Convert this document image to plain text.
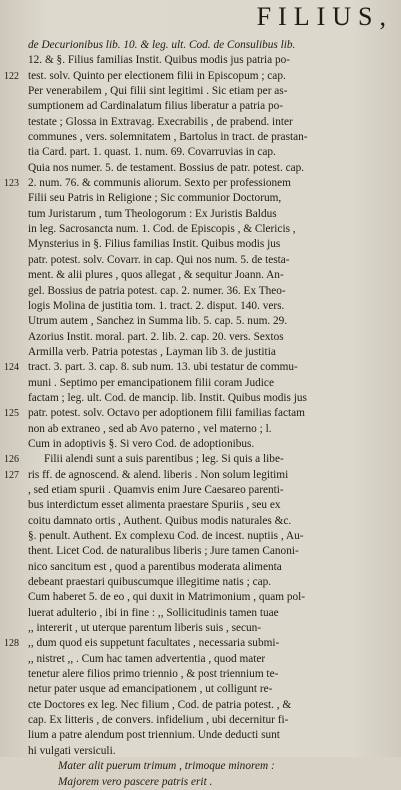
FILIUS,
de Decurionibus lib. 10. & leg. ult. Cod. de Consulibus lib.
12. & §. Filius familias Instit. Quibus modis jus patria po-
122 test. solv. Quinto per electionem filii in Episcopum ; cap.
Per venerabilem , Qui filii sint legitimi . Sic etiam per as-
sumptionem ad Cardinalatum filius liberatur a patria po-
testate ; Glossa in Extravag. Execrabilis , de prabend. inter
communes , vers. solemnitatem , Bartolus in tract. de prastan-
tia Card. part. 1. quast. 1. num. 69. Covarruvias in cap.
Quia nos numer. 5. de testament. Bossius de patr. potest. cap.
123 2. num. 76. & communis aliorum. Sexto per professionem
Filii seu Patris in Religione ; Sic communior Doctorum,
tum Juristarum , tum Theologorum : Ex Juristis Baldus
in leg. Sacrosancta num. 1. Cod. de Episcopis , & Clericis ,
Mynsterius in §. Filius familias Instit. Quibus modis jus
patr. potest. solv. Covarr. in cap. Qui nos num. 5. de testa-
ment. & alii plures , quos allegat , & sequitur Joann. An-
gel. Bossius de patria potest. cap. 2. numer. 36. Ex Theo-
logis Molina de justitia tom. 1. tract. 2. disput. 140. vers.
Utrum autem , Sanchez in Summa lib. 5. cap. 5. num. 29.
Azorius Instit. moral. part. 2. lib. 2. cap. 20. vers. Sextos
Armilla verb. Patria potestas , Layman lib 3. de justitia
124 tract. 3. part. 3. cap. 8. sub num. 13. ubi testatur de commu-
muni . Septimo per emancipationem filii coram Judice
factam ; leg. ult. Cod. de mancip. lib. Instit. Quibus modis jus
125 patr. potest. solv. Octavo per adoptionem filii familias factam
non ab extraneo , sed ab Avo paterno , vel materno ; l.
Cum in adoptivis §. Si vero Cod. de adoptionibus.
126	Filii alendi sunt a suis parentibus ; leg. Si quis a libe-
127 ris ff. de agnoscend. & alend. liberis . Non solum legitimi
, sed etiam spurii . Quamvis enim Jure Caesareo parenti-
bus interdictum esset alimenta praestare Spuriis , seu ex
coitu damnato ortis , Authent. Quibus modis naturales &c.
§. penult. Authent. Ex complexu Cod. de incest. nuptiis , Au-
thent. Licet Cod. de naturalibus liberis ; Jure tamen Canoni-
nico sancitum est , quod a parentibus moderata alimenta
debeant praestari quibuscumque illegitime natis ; cap.
Cum haberet 5. de eo , qui duxit in Matrimonium , quam pol-
luerat adulterio , ibi in fine : ,, Sollicitudinis tamen tuae
,, intererit , ut uterque parentum liberis suis , secun-
128 ,, dum quod eis suppetunt facultates , necessaria submi-
,, nistret ,, . Cum hac tamen advertentia , quod mater
tenetur alere filios primo triennio , & post triennium te-
netur pater usque ad emancipationem , ut colligunt re-
cte Doctores ex leg. Nec filium , Cod. de patria potest. , &
cap. Ex litteris , de convers. infidelium , ubi decernitur fi-
lium a patre alendum post triennium. Unde deducti sunt
hi vulgati versiculi.
Mater alit puerum trimum , trimoque minorem :
Majorem vero pascere patris erit .
